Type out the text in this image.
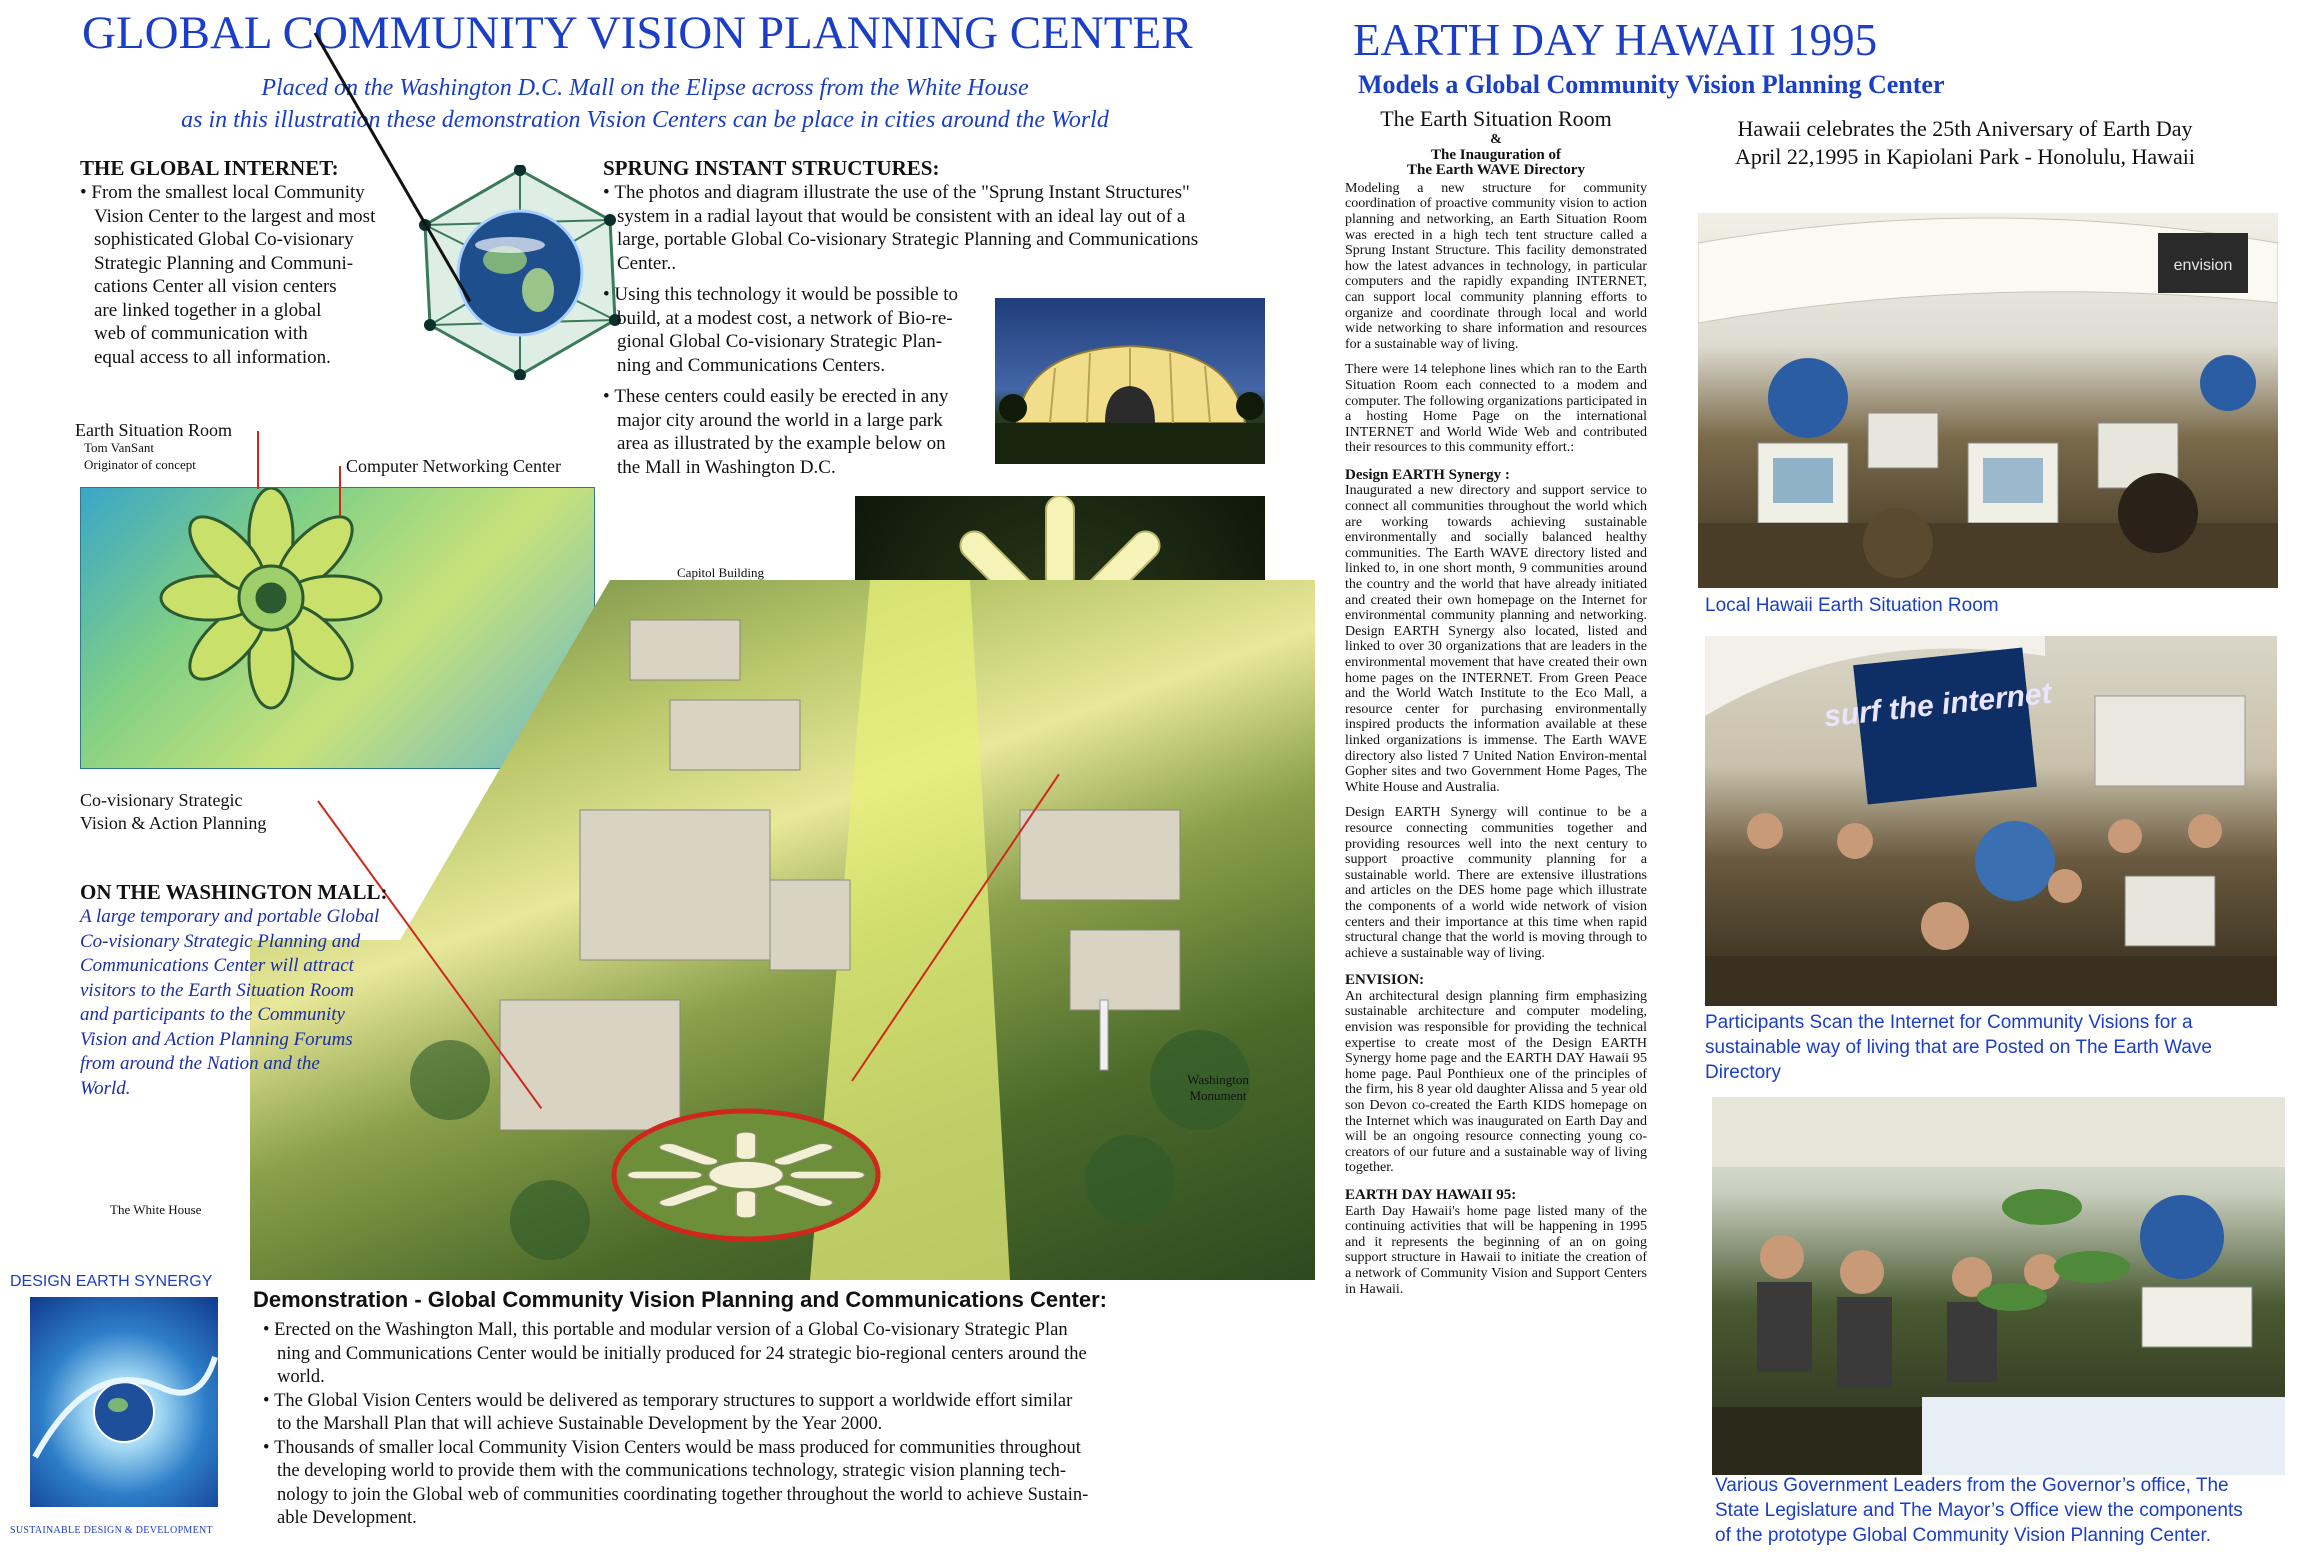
GLOBAL COMMUNITY VISION PLANNING CENTER
Placed on the Washington D.C. Mall on the Elipse across from the White House
as in this illustration these demonstration Vision Centers can be place in cities around the World
THE GLOBAL INTERNET:
• From the smallest local Community
Vision Center to the largest and most
sophisticated Global Co-visionary
Strategic Planning and Communi-
cations Center all vision centers
are linked together in a global
web of communication with
equal access to all information.
SPRUNG INSTANT STRUCTURES:
• The photos and diagram illustrate the use of the "Sprung Instant Structures"
system in a radial layout that would be consistent with an ideal lay out of a
large, portable Global Co-visionary Strategic Planning and Communications
Center..
• Using this technology it would be possible to
build, at a modest cost, a network of Bio-re-
gional Global Co-visionary Strategic Plan-
ning and Communications Centers.
• These centers could easily be erected in any
major city around the world in a large park
area as illustrated by the example below on
the Mall in Washington D.C.
Earth Situation Room
Tom VanSant
Originator of concept	Computer Networking Center
Co-visionary Strategic
Vision & Action Planning
Capitol Building
Washington
Monument
The White House
ON THE WASHINGTON MALL:
A large temporary and portable Global
Co-visionary Strategic Planning and
Communications Center will attract
visitors to the Earth Situation Room
and participants to the Community
Vision and Action Planning Forums
from around the Nation and the
World.
DESIGN EARTH SYNERGY
SUSTAINABLE DESIGN & DEVELOPMENT
Demonstration - Global Community Vision Planning and Communications Center:
• Erected on the Washington Mall, this portable and modular version of a Global Co-visionary Strategic Plan
ning and Communications Center would be initially produced for 24 strategic bio-regional centers around the
world.
• The Global Vision Centers would be delivered as temporary structures to support a worldwide effort similar
to the Marshall Plan that will achieve Sustainable Development by the Year 2000.
• Thousands of smaller local Community Vision Centers would be mass produced for communities throughout
the developing world to provide them with the communications technology, strategic vision planning tech-
nology to join the Global web of communities coordinating together throughout the world to achieve Sustain-
able Development.
EARTH DAY HAWAII 1995
Models a Global Community Vision Planning Center
The Earth Situation Room
&
The Inauguration of
The Earth WAVE Directory

Modeling a new structure for community coordination of proactive community vision to action planning and networking, an Earth Situation Room was erected in a high tech tent structure called a Sprung Instant Structure. This facility demonstrated how the latest advances in technology, in particular computers and the rapidly expanding INTERNET, can support local community planning efforts to organize and coordinate through local and world wide networking to share information and resources for a sustainable way of living.

There were 14 telephone lines which ran to the Earth Situation Room each connected to a modem and computer. The following organizations participated in a hosting Home Page on the international INTERNET and World Wide Web and contributed their resources to this community effort.:

Design EARTH Synergy :

Inaugurated a new directory and support service to connect all communities throughout the world which are working towards achieving sustainable environmentally and socially balanced healthy communities. The Earth WAVE directory listed and linked to, in one short month, 9 communities around the country and the world that have already initiated and created their own homepage on the Internet for environmental community planning and networking. Design EARTH Synergy also located, listed and linked to over 30 organizations that are leaders in the environmental movement that have created their own home pages on the INTERNET. From Green Peace and the World Watch Institute to the Eco Mall, a resource center for purchasing environmentally inspired products the information available at these linked organizations is immense. The Earth WAVE directory also listed 7 United Nation Environ-mental Gopher sites and two Government Home Pages, The White House and Australia.

Design EARTH Synergy will continue to be a resource connecting communities together and providing resources well into the next century to support proactive community planning for a sustainable world. There are extensive illustrations and articles on the DES home page which illustrate the components of a world wide network of vision centers and their importance at this time when rapid structural change that the world is moving through to achieve a sustainable way of living.

ENVISION:

An architectural design planning firm emphasizing sustainable architecture and computer modeling, envision was responsible for providing the technical expertise to create most of the Design EARTH Synergy home page and the EARTH DAY Hawaii 95 home page. Paul Ponthieux one of the principles of the firm, his 8 year old daughter Alissa and 5 year old son Devon co-created the Earth KIDS homepage on the Internet which was inaugurated on Earth Day and will be an ongoing resource connecting young co-creators of our future and a sustainable way of living together.

EARTH DAY HAWAII 95:

Earth Day Hawaii's home page listed many of the continuing activities that will be happening in 1995 and it represents the beginning of an on going support structure in Hawaii to initiate the creation of a network of Community Vision and Support Centers in Hawaii.

Hawaii celebrates the 25th Aniversary of Earth Day
April 22,1995 in Kapiolani Park - Honolulu, Hawaii
envision
Local Hawaii Earth Situation Room
surf the internet
Participants Scan the Internet for Community Visions for a
sustainable way of living that are Posted on The Earth Wave
Directory
Various Government Leaders from the Governor’s office, The
State Legislature and The Mayor’s Office view the components
of the prototype Global Community Vision Planning Center.
